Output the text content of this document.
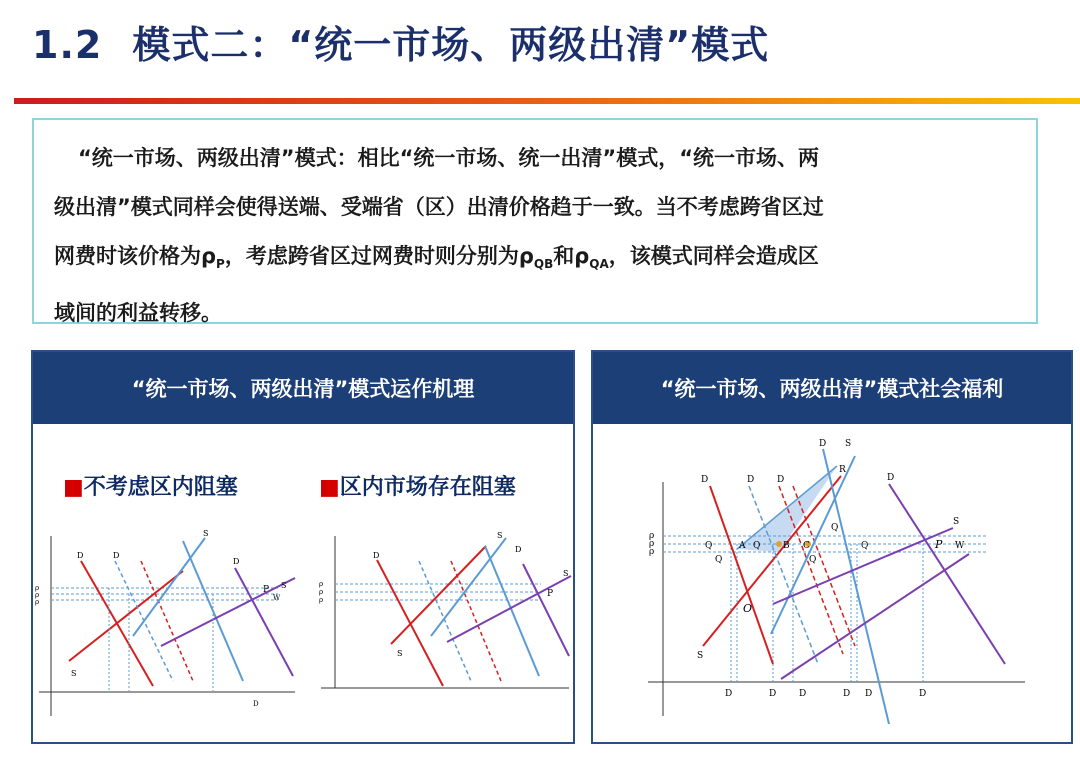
1.2 模式二：“统一市场、两级出清”模式

“统一市场、两级出清”模式：相比“统一市场、统一出清”模式，“统一市场、两
级出清”模式同样会使得送端、受端省（区）出清价格趋于一致。当不考虑跨省区过
网费时该价格为$\rho_P$，考虑跨省区过网费时则分别为$\rho_{QB}$和$\rho_{QA}$，该模式同样会造成区
域间的利益转移。

“统一市场、两级出清”模式运作机理
■不考虑区内阻塞	■区内市场存在阻塞
D	D
S
D
S
S
P
ρ
ρ
ρ	W
D
D
S
D
S
S
P
ρ
ρ
ρ
“统一市场、两级出清”模式社会福利
D	D	D
D S
R
D
S
S
O
P
A	B C
ρ
ρ
ρ
Q	Q
Q
Q
Q
Q
W
D
D	D	D	D D
